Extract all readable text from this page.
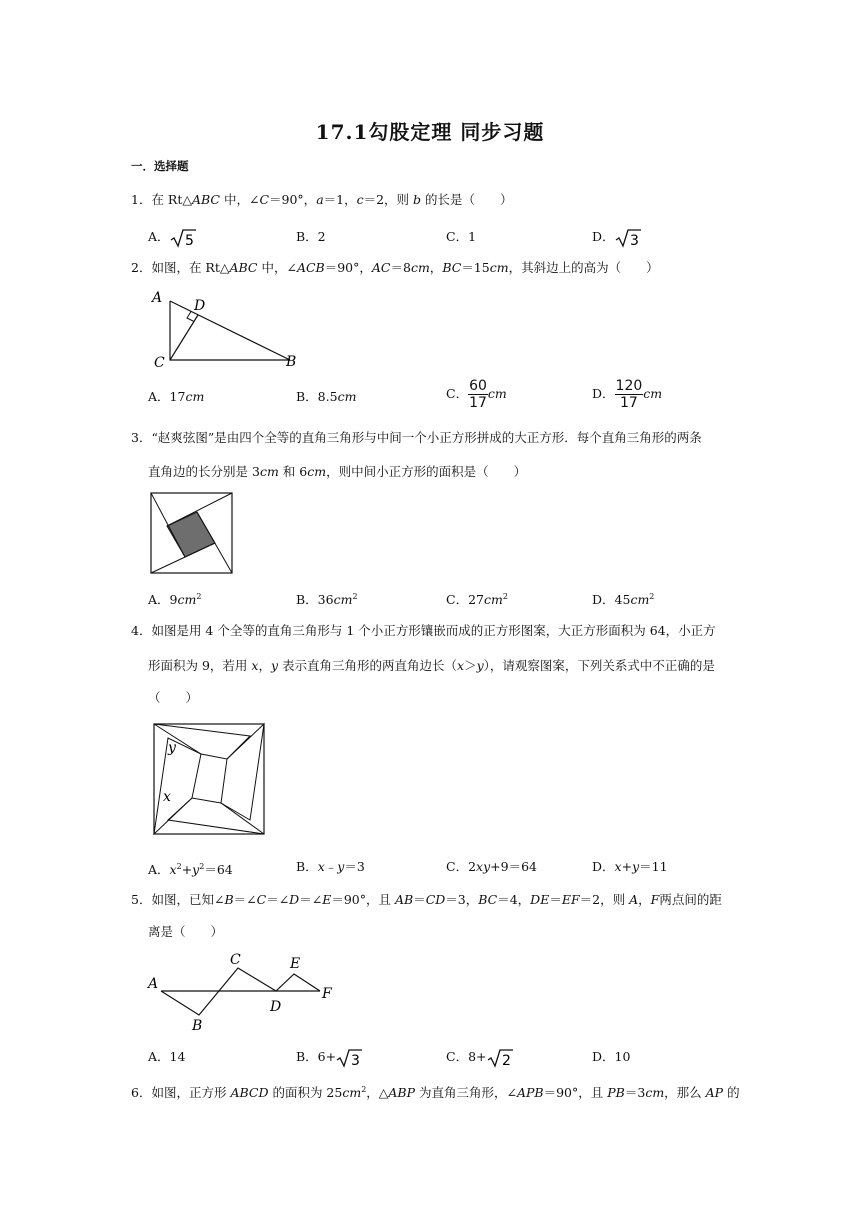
17.1勾股定理 同步习题
一．选择题
1．在 Rt△ABC 中，∠C＝90°，a＝1，c＝2，则 b 的长是（　　）
A． 5	B．2	C．1	D． 3
2．如图，在 Rt△ABC 中，∠ACB＝90°，AC＝8cm，BC＝15cm，其斜边上的高为（　　）
A D
C	B
A．17cm	B．8.5cm	C． $\frac{60}{17}$ cm	D． $\frac{120}{17}$ cm
3．“赵爽弦图”是由四个全等的直角三角形与中间一个小正方形拼成的大正方形．每个直角三角形的两条
直角边的长分别是 3cm 和 6cm，则中间小正方形的面积是（　　）
A．$9cm^2$	B．$36cm^2$	C．$27cm^2$	D．$45cm^2$
4．如图是用 4 个全等的直角三角形与 1 个小正方形镶嵌而成的正方形图案，大正方形面积为 64，小正方
形面积为 9，若用 x，y 表示直角三角形的两直角边长（x＞y），请观察图案，下列关系式中不正确的是
（　　）
y
x
A．$x^2+y^2=64$	B．x﹣y＝3	C．2xy+9＝64	D．x+y＝11
5．如图，已知∠B＝∠C＝∠D＝∠E＝90°，且 AB＝CD＝3，BC＝4，DE＝EF＝2，则 A，F两点间的距
离是（　　）
A
B
C
D
E
F
A．14	B．6+ 3	C．8+ 2	D．10
6．如图，正方形 ABCD 的面积为 $25cm^2$，△ABP 为直角三角形，∠APB＝90°，且 PB＝3cm，那么 AP 的
